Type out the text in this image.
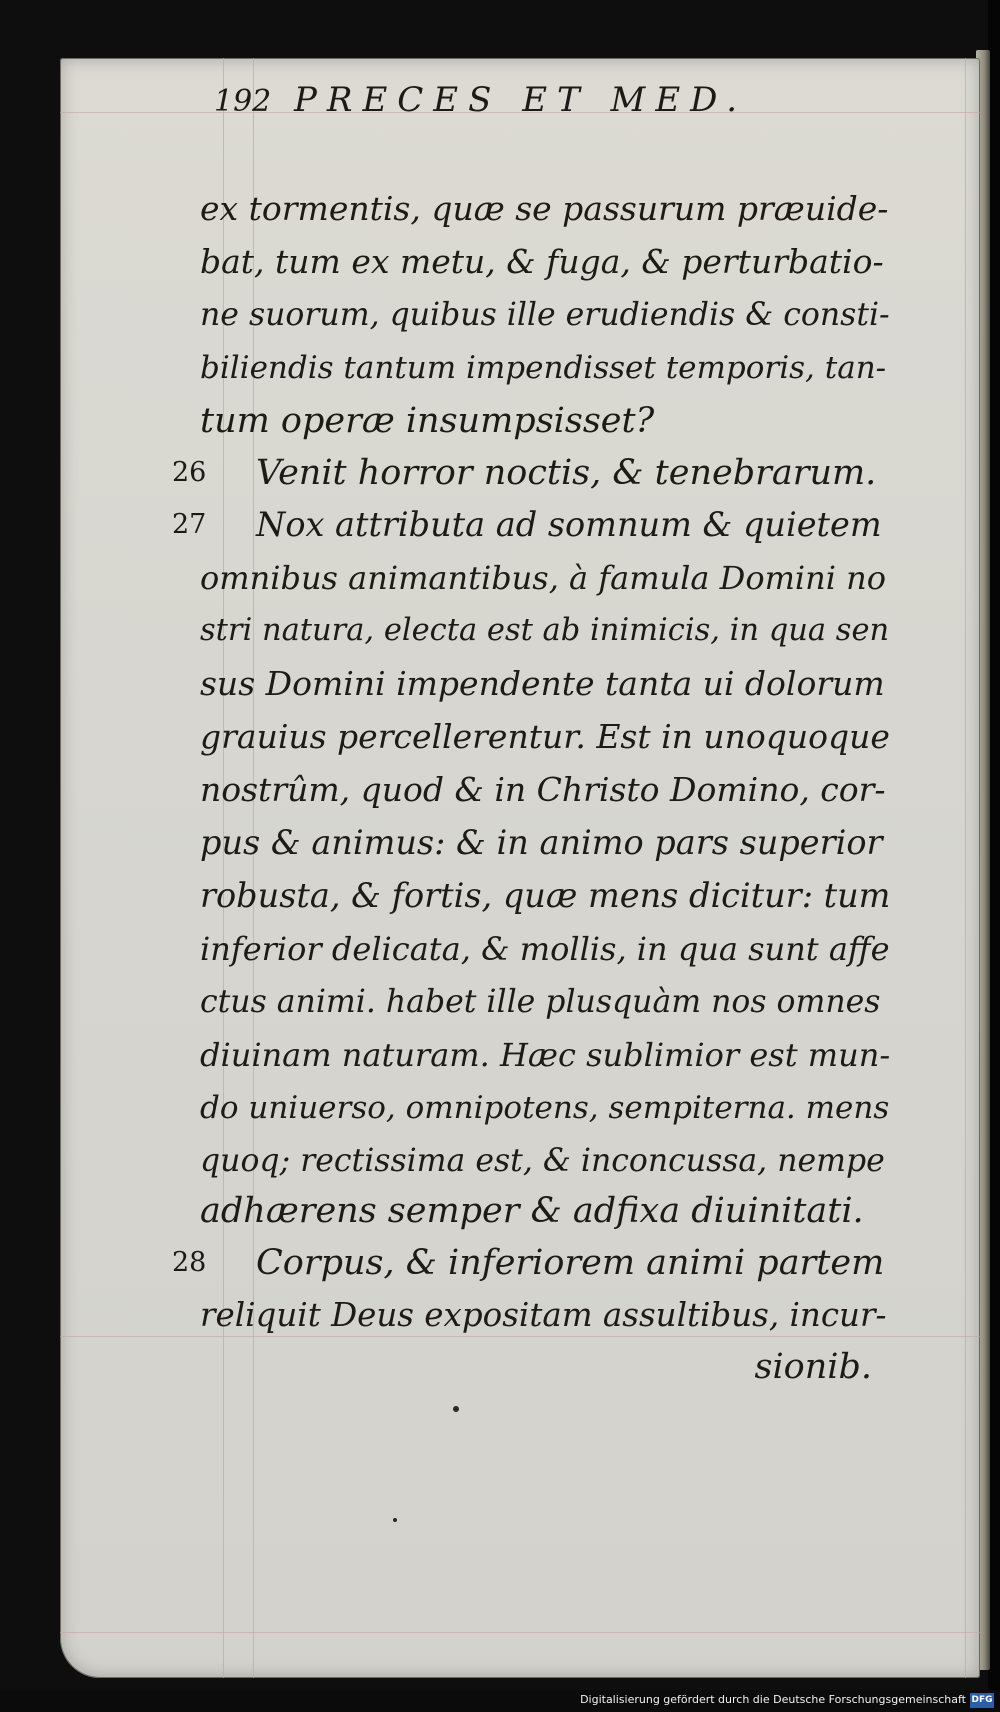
192 PRECES ET MED.
26
27
28
ex tormentis, quæ se passurum præuide-
bat, tum ex metu, & fuga, & perturbatio-
ne suorum, quibus ille erudiendis & consti-
biliendis tantum impendisset temporis, tan-
tum operæ insumpsisset?
Venit horror noctis, & tenebrarum.
Nox attributa ad somnum & quietem
omnibus animantibus, à famula Domini no
stri natura, electa est ab inimicis, in qua sen
sus Domini impendente tanta ui dolorum
grauius percellerentur. Est in unoquoque
nostrûm, quod & in Christo Domino, cor-
pus & animus: & in animo pars superior
robusta, & fortis, quæ mens dicitur: tum
inferior delicata, & mollis, in qua sunt affe
ctus animi. habet ille plusquàm nos omnes
diuinam naturam. Hæc sublimior est mun-
do uniuerso, omnipotens, sempiterna. mens
quoq; rectissima est, & inconcussa, nempe
adhærens semper & adfixa diuinitati.
Corpus, & inferiorem animi partem
reliquit Deus expositam assultibus, incur-
sionib.
Digitalisierung gefördert durch die Deutsche Forschungsgemeinschaft DFG
